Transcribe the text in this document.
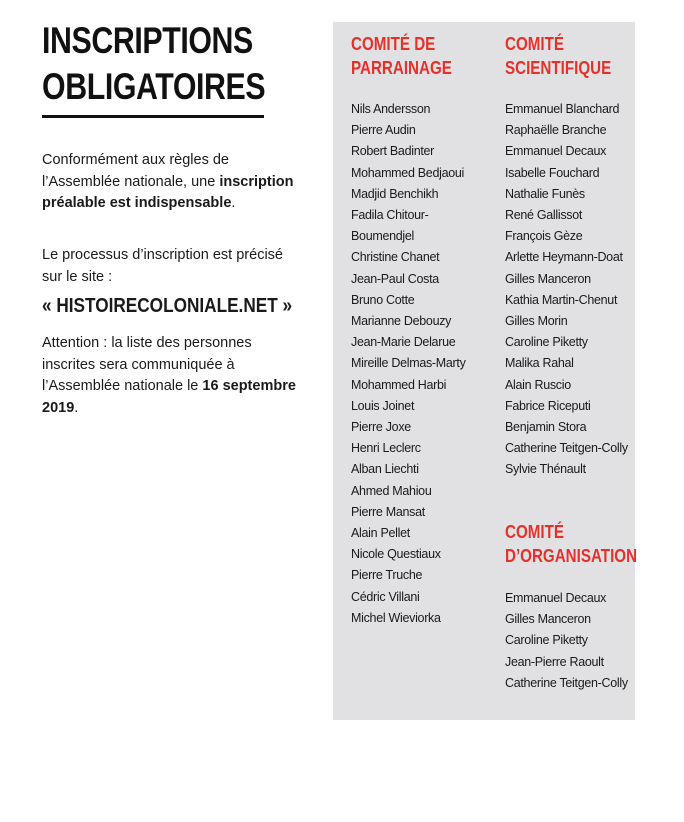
INSCRIPTIONS
OBLIGATOIRES

Conformément aux règles de l’Assemblée nationale, une inscription préalable est indispensable.

Le processus d’inscription est précisé sur le site :

« HISTOIRECOLONIALE.NET »

Attention : la liste des personnes inscrites sera communiquée à l’Assemblée nationale le 16 septembre 2019.

COMITÉ DE
PARRAINAGE
Nils Andersson
Pierre Audin
Robert Badinter
Mohammed Bedjaoui
Madjid Benchikh
Fadila Chitour-Boumendjel
Christine Chanet
Jean-Paul Costa
Bruno Cotte
Marianne Debouzy
Jean-Marie Delarue
Mireille Delmas-Marty
Mohammed Harbi
Louis Joinet
Pierre Joxe
Henri Leclerc
Alban Liechti
Ahmed Mahiou
Pierre Mansat
Alain Pellet
Nicole Questiaux
Pierre Truche
Cédric Villani
Michel Wieviorka
COMITÉ
SCIENTIFIQUE
Emmanuel Blanchard
Raphaëlle Branche
Emmanuel Decaux
Isabelle Fouchard
Nathalie Funès
René Gallissot
François Gèze
Arlette Heymann-Doat
Gilles Manceron
Kathia Martin-Chenut
Gilles Morin
Caroline Piketty
Malika Rahal
Alain Ruscio
Fabrice Riceputi
Benjamin Stora
Catherine Teitgen-Colly
Sylvie Thénault
COMITÉ
D’ORGANISATION
Emmanuel Decaux
Gilles Manceron
Caroline Piketty
Jean-Pierre Raoult
Catherine Teitgen-Colly
